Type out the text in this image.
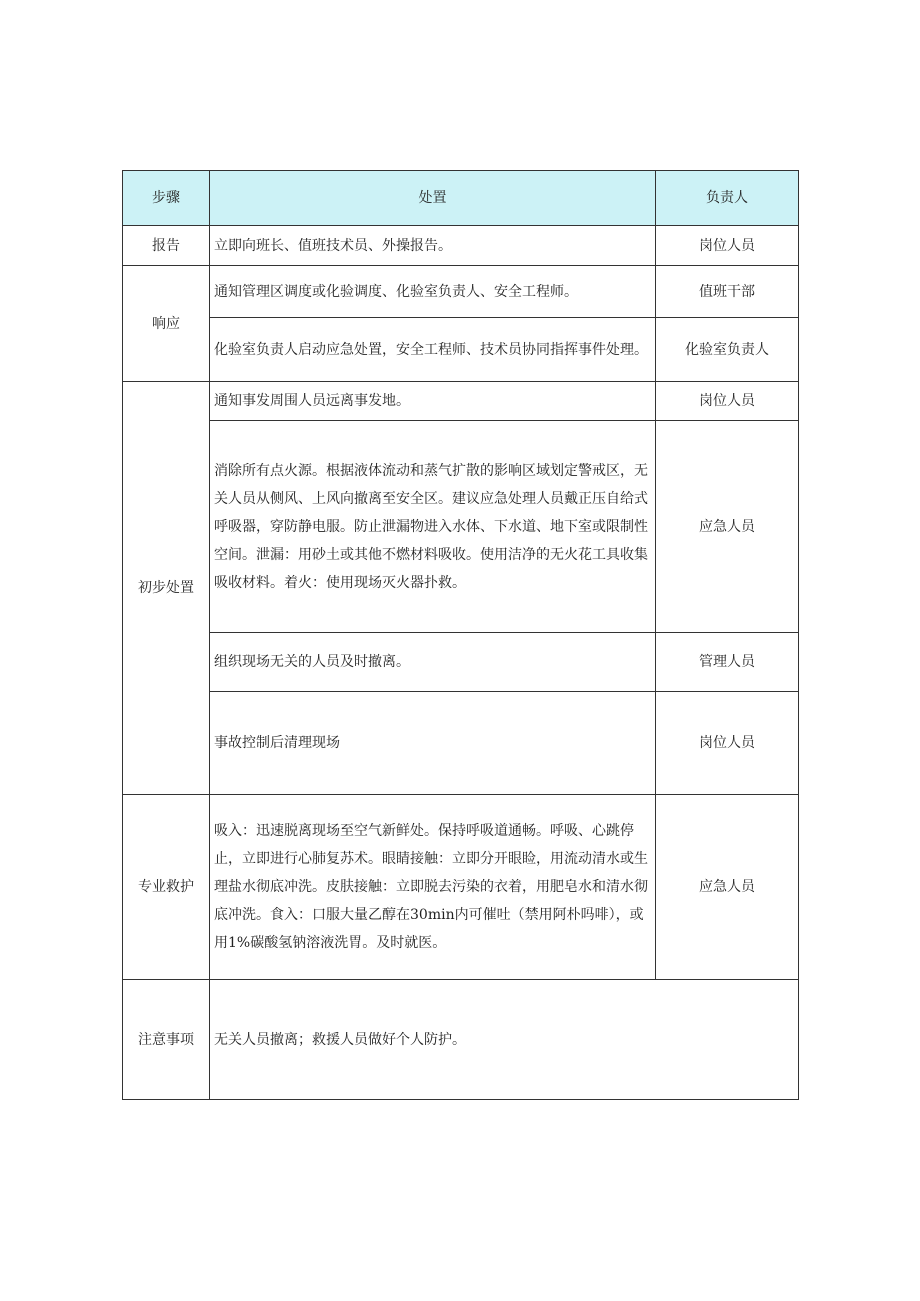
步骤	处置	负责人
报告	立即向班长、值班技术员、外操报告。	岗位人员
响应	通知管理区调度或化验调度、化验室负责人、安全工程师。	值班干部
	化验室负责人启动应急处置，安全工程师、技术员协同指挥事件处理。	化验室负责人
初步处置	通知事发周围人员远离事发地。	岗位人员
	消除所有点火源。根据液体流动和蒸气扩散的影响区域划定警戒区，无关人员从侧风、上风向撤离至安全区。建议应急处理人员戴正压自给式呼吸器，穿防静电服。防止泄漏物进入水体、下水道、地下室或限制性空间。泄漏：用砂土或其他不燃材料吸收。使用洁净的无火花工具收集吸收材料。着火：使用现场灭火器扑救。	应急人员
	组织现场无关的人员及时撤离。	管理人员
	事故控制后清理现场	岗位人员
专业救护	吸入：迅速脱离现场至空气新鲜处。保持呼吸道通畅。呼吸、心跳停止，立即进行心肺复苏术。眼睛接触：立即分开眼睑，用流动清水或生理盐水彻底冲洗。皮肤接触：立即脱去污染的衣着，用肥皂水和清水彻底冲洗。食入：口服大量乙醇在30min内可催吐（禁用阿朴吗啡），或用1%碳酸氢钠溶液洗胃。及时就医。	应急人员
注意事项	无关人员撤离；救援人员做好个人防护。	
